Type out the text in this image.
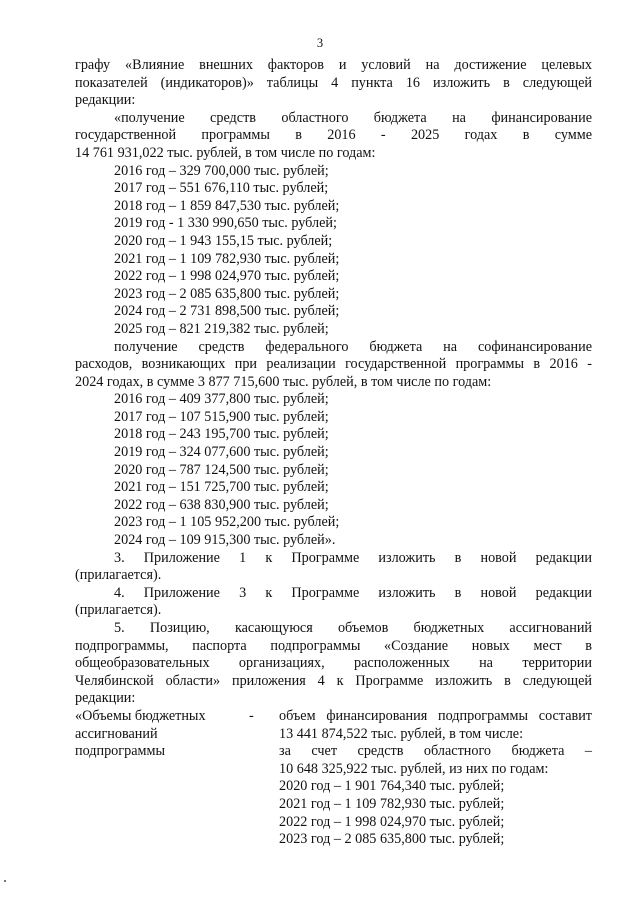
3
графу «Влияние внешних факторов и условий на достижение целевых
показателей (индикаторов)» таблицы 4 пункта 16 изложить в следующей
редакции:
«получение средств областного бюджета на финансирование
государственной программы в 2016 - 2025 годах в сумме
14 761 931,022 тыс. рублей, в том числе по годам:
2016 год – 329 700,000 тыс. рублей;
2017 год – 551 676,110 тыс. рублей;
2018 год – 1 859 847,530 тыс. рублей;
2019 год - 1 330 990,650 тыс. рублей;
2020 год – 1 943 155,15 тыс. рублей;
2021 год – 1 109 782,930 тыс. рублей;
2022 год – 1 998 024,970 тыс. рублей;
2023 год – 2 085 635,800 тыс. рублей;
2024 год – 2 731 898,500 тыс. рублей;
2025 год – 821 219,382 тыс. рублей;
получение средств федерального бюджета на софинансирование
расходов, возникающих при реализации государственной программы в 2016 -
2024 годах, в сумме 3 877 715,600 тыс. рублей, в том числе по годам:
2016 год – 409 377,800 тыс. рублей;
2017 год – 107 515,900 тыс. рублей;
2018 год – 243 195,700 тыс. рублей;
2019 год – 324 077,600 тыс. рублей;
2020 год – 787 124,500 тыс. рублей;
2021 год – 151 725,700 тыс. рублей;
2022 год – 638 830,900 тыс. рублей;
2023 год – 1 105 952,200 тыс. рублей;
2024 год – 109 915,300 тыс. рублей».
3. Приложение 1 к Программе изложить в новой редакции
(прилагается).
4. Приложение 3 к Программе изложить в новой редакции
(прилагается).
5. Позицию, касающуюся объемов бюджетных ассигнований
подпрограммы, паспорта подпрограммы «Создание новых мест в
общеобразовательных организациях, расположенных на территории
Челябинской области» приложения 4 к Программе изложить в следующей
редакции:
«Объемы бюджетных
ассигнований
подпрограммы
-	объем финансирования подпрограммы составит
13 441 874,522 тыс. рублей, в том числе:
за счет средств областного бюджета –
10 648 325,922 тыс. рублей, из них по годам:
2020 год – 1 901 764,340 тыс. рублей;
2021 год – 1 109 782,930 тыс. рублей;
2022 год – 1 998 024,970 тыс. рублей;
2023 год – 2 085 635,800 тыс. рублей;
